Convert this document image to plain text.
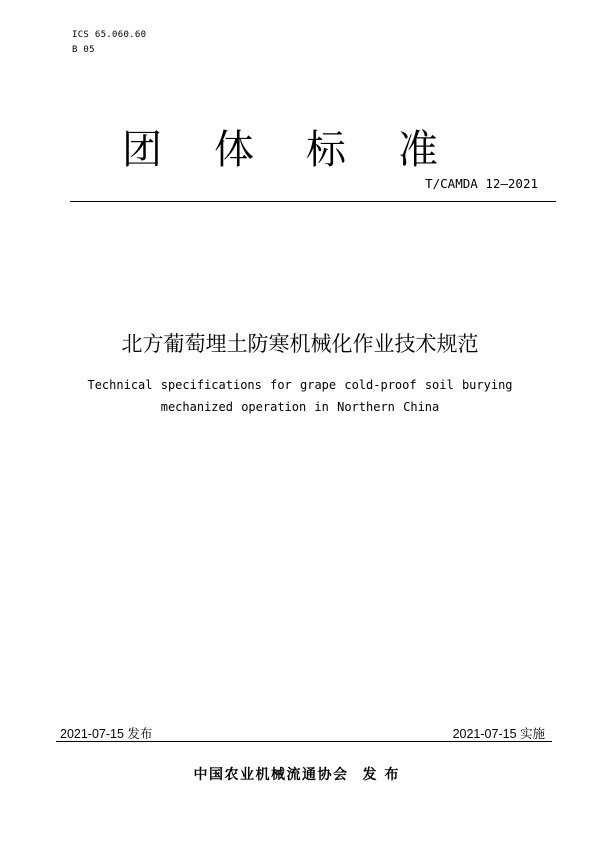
ICS 65.060.60
B 05
团体标准
T/CAMDA 12—2021
北方葡萄埋土防寒机械化作业技术规范
Technical specifications for grape cold-proof soil burying
mechanized operation in Northern China
2021-07-15 发布	2021-07-15 实施
中国农业机械流通协会 发布
